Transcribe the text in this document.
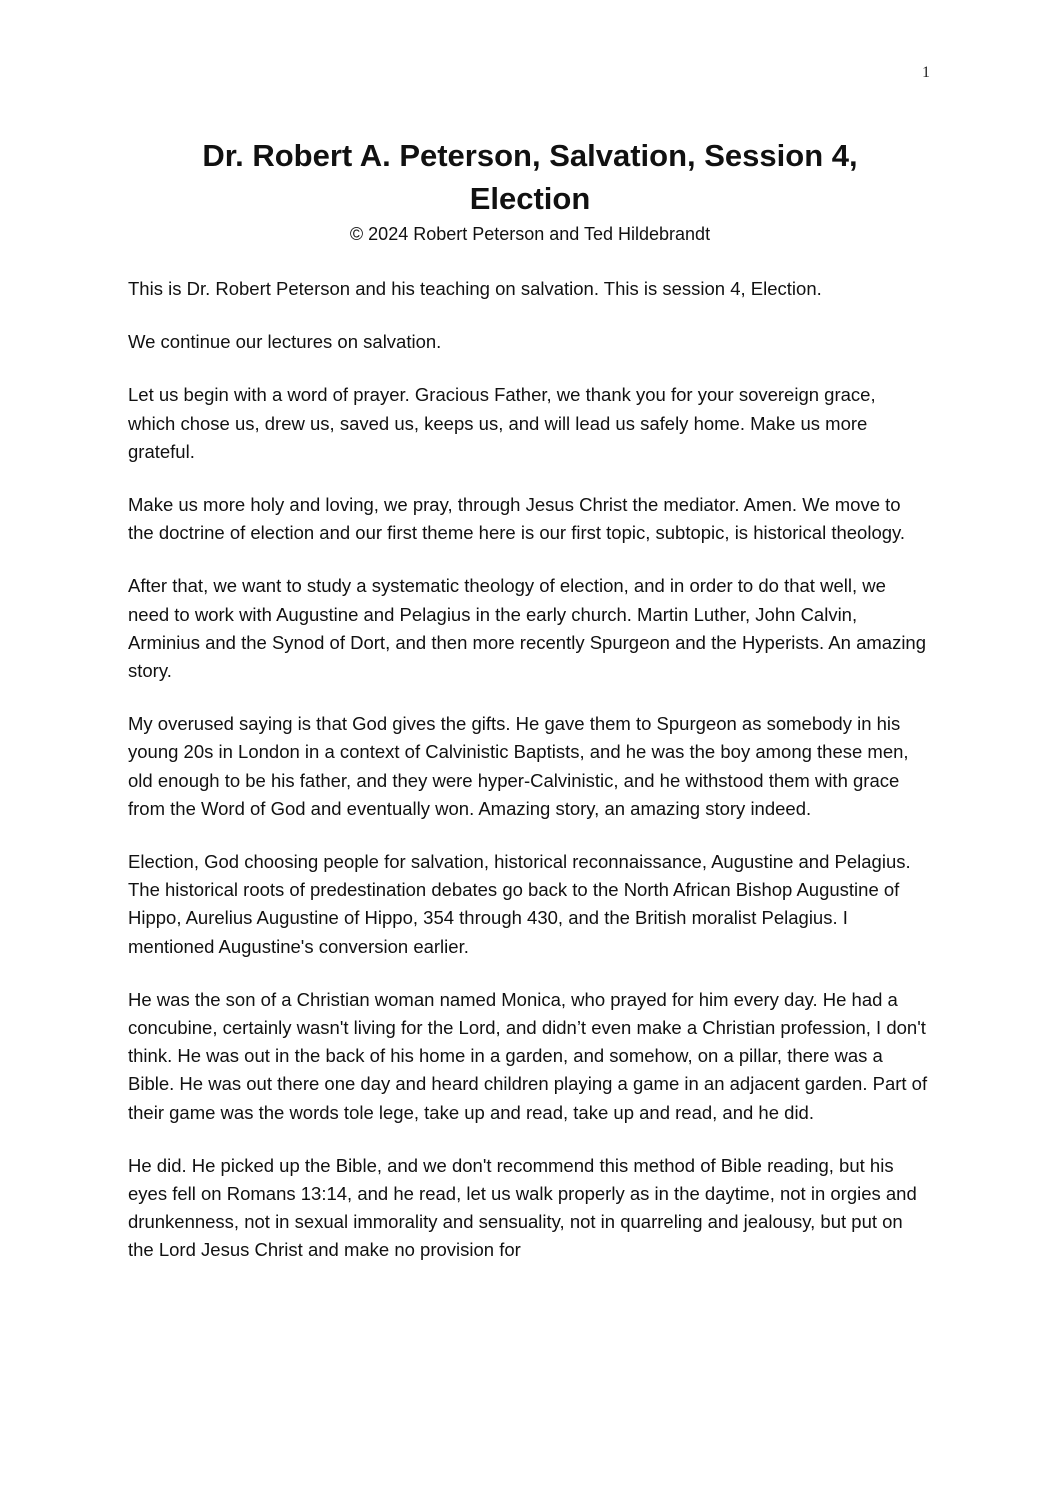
1
Dr. Robert A. Peterson, Salvation, Session 4, Election
© 2024 Robert Peterson and Ted Hildebrandt

This is Dr. Robert Peterson and his teaching on salvation. This is session 4, Election.

We continue our lectures on salvation.

Let us begin with a word of prayer. Gracious Father, we thank you for your sovereign grace, which chose us, drew us, saved us, keeps us, and will lead us safely home. Make us more grateful.

Make us more holy and loving, we pray, through Jesus Christ the mediator. Amen. We move to the doctrine of election and our first theme here is our first topic, subtopic, is historical theology.

After that, we want to study a systematic theology of election, and in order to do that well, we need to work with Augustine and Pelagius in the early church. Martin Luther, John Calvin, Arminius and the Synod of Dort, and then more recently Spurgeon and the Hyperists. An amazing story.

My overused saying is that God gives the gifts. He gave them to Spurgeon as somebody in his young 20s in London in a context of Calvinistic Baptists, and he was the boy among these men, old enough to be his father, and they were hyper-Calvinistic, and he withstood them with grace from the Word of God and eventually won. Amazing story, an amazing story indeed.

Election, God choosing people for salvation, historical reconnaissance, Augustine and Pelagius. The historical roots of predestination debates go back to the North African Bishop Augustine of Hippo, Aurelius Augustine of Hippo, 354 through 430, and the British moralist Pelagius. I mentioned Augustine's conversion earlier.

He was the son of a Christian woman named Monica, who prayed for him every day. He had a concubine, certainly wasn't living for the Lord, and didn’t even make a Christian profession, I don't think. He was out in the back of his home in a garden, and somehow, on a pillar, there was a Bible. He was out there one day and heard children playing a game in an adjacent garden. Part of their game was the words tole lege, take up and read, take up and read, and he did.

He did. He picked up the Bible, and we don't recommend this method of Bible reading, but his eyes fell on Romans 13:14, and he read, let us walk properly as in the daytime, not in orgies and drunkenness, not in sexual immorality and sensuality, not in quarreling and jealousy, but put on the Lord Jesus Christ and make no provision for
